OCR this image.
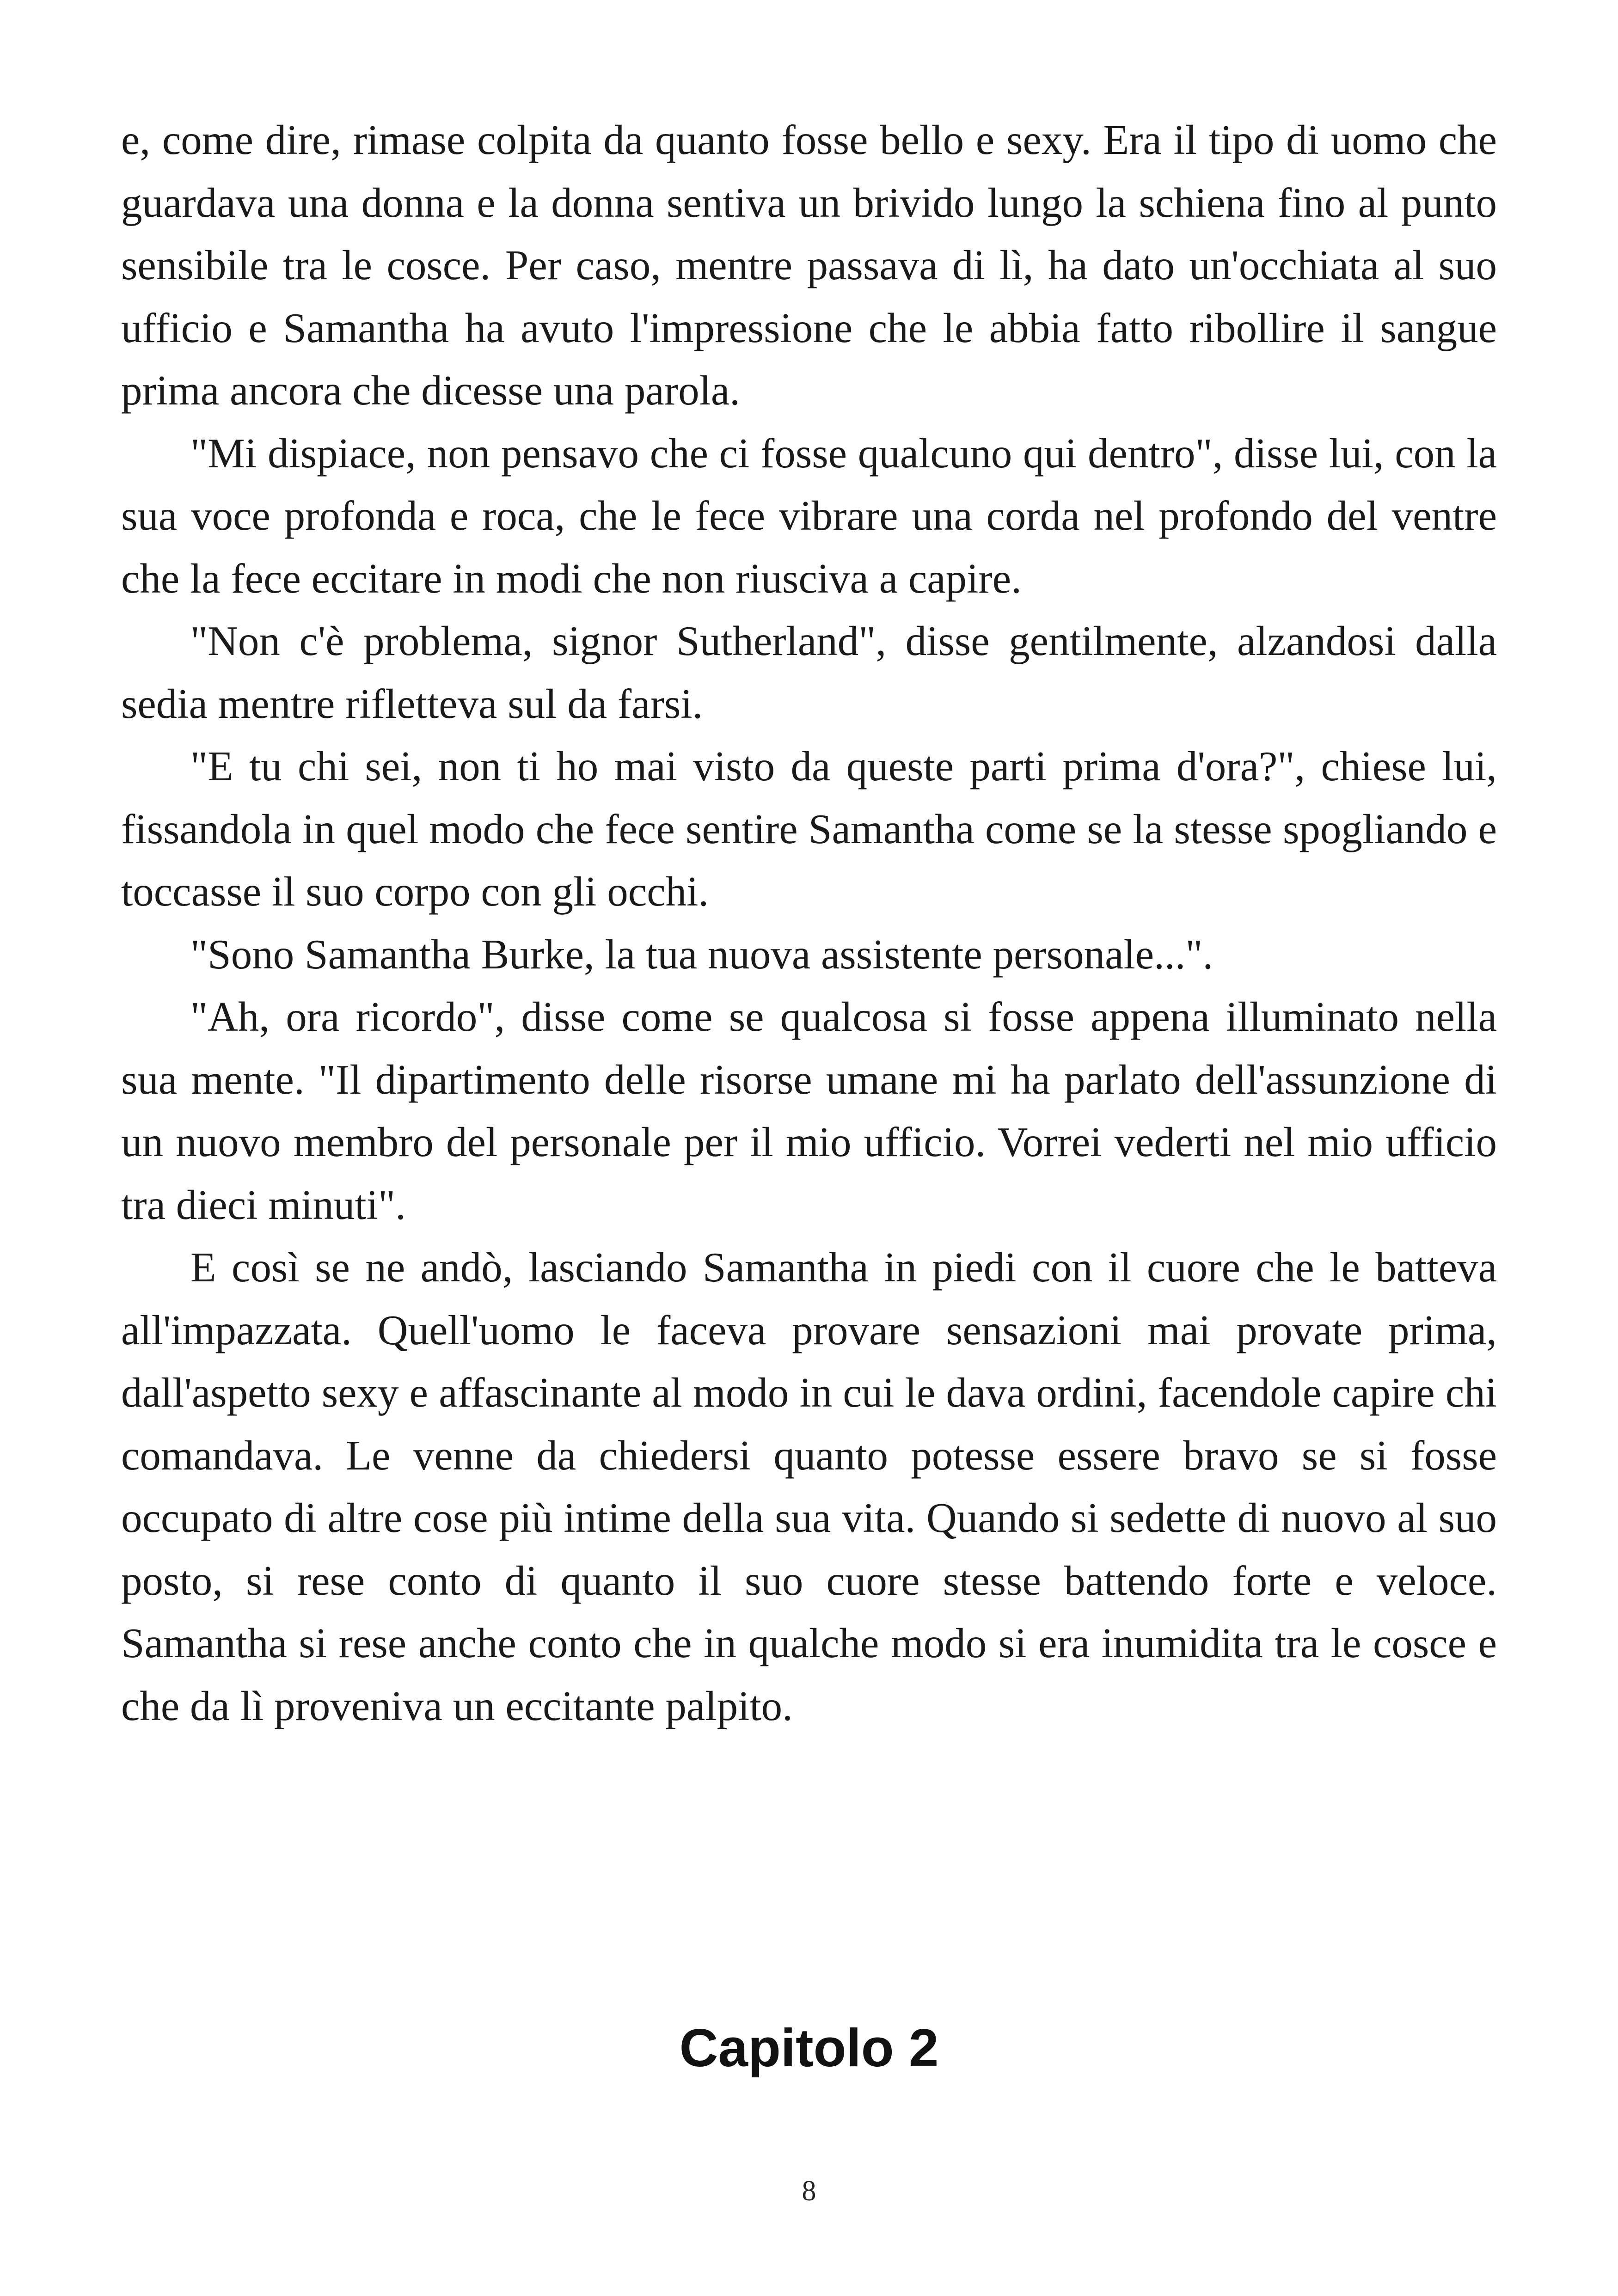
e, come dire, rimase colpita da quanto fosse bello e sexy. Era il tipo di uomo che guardava una donna e la donna sentiva un brivido lungo la schiena fino al punto sensibile tra le cosce. Per caso, mentre passava di lì, ha dato un'occhiata al suo ufficio e Samantha ha avuto l'impressione che le abbia fatto ribollire il sangue prima ancora che dicesse una parola.

"Mi dispiace, non pensavo che ci fosse qualcuno qui dentro", disse lui, con la sua voce profonda e roca, che le fece vibrare una corda nel profondo del ventre che la fece eccitare in modi che non riusciva a capire.

"Non c'è problema, signor Sutherland", disse gentilmente, alzandosi dalla sedia mentre rifletteva sul da farsi.

"E tu chi sei, non ti ho mai visto da queste parti prima d'ora?", chiese lui, fissandola in quel modo che fece sentire Samantha come se la stesse spogliando e toccasse il suo corpo con gli occhi.

"Sono Samantha Burke, la tua nuova assistente personale...".

"Ah, ora ricordo", disse come se qualcosa si fosse appena illuminato nella sua mente. "Il dipartimento delle risorse umane mi ha parlato dell'assunzione di un nuovo membro del personale per il mio ufficio. Vorrei vederti nel mio ufficio tra dieci minuti".

E così se ne andò, lasciando Samantha in piedi con il cuore che le batteva all'impazzata. Quell'uomo le faceva provare sensazioni mai provate prima, dall'aspetto sexy e affascinante al modo in cui le dava ordini, facendole capire chi comandava. Le venne da chiedersi quanto potesse essere bravo se si fosse occupato di altre cose più intime della sua vita. Quando si sedette di nuovo al suo posto, si rese conto di quanto il suo cuore stesse battendo forte e veloce. Samantha si rese anche conto che in qualche modo si era inumidita tra le cosce e che da lì proveniva un eccitante palpito.

Capitolo 2
8
